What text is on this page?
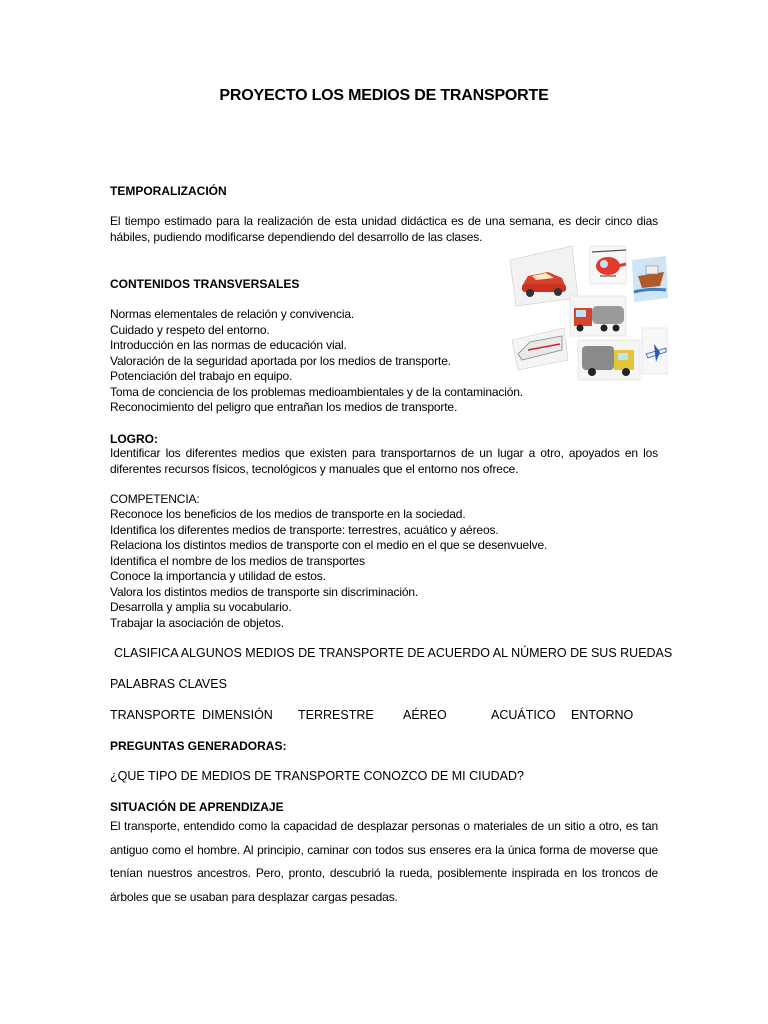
PROYECTO LOS MEDIOS DE TRANSPORTE
TEMPORALIZACIÓN
El tiempo estimado para la realización de esta unidad didáctica es de una semana, es decir cinco dias hábiles, pudiendo modificarse dependiendo del desarrollo de las clases.
CONTENIDOS TRANSVERSALES
Normas elementales de relación y convivencia.
Cuidado y respeto del entorno.
Introducción en las normas de educación vial.
Valoración de la seguridad aportada por los medios de transporte.
Potenciación del trabajo en equipo.
Toma de conciencia de los problemas medioambientales y de la contaminación.
Reconocimiento del peligro que entrañan los medios de transporte.
LOGRO:
Identificar los diferentes medios que existen para transportarnos de un lugar a otro, apoyados en los diferentes recursos físicos, tecnológicos y manuales que el entorno nos ofrece.
COMPETENCIA:
Reconoce los beneficios de los medios de transporte en la sociedad.
Identifica los diferentes medios de transporte: terrestres, acuático y aéreos.
Relaciona los distintos medios de transporte con el medio en el que se desenvuelve.
Identifica el nombre de los medios de transportes
Conoce la importancia y utilidad de estos.
Valora los distintos medios de transporte sin discriminación.
Desarrolla y amplia su vocabulario.
Trabajar la asociación de objetos.
CLASIFICA ALGUNOS MEDIOS DE TRANSPORTE DE ACUERDO AL NÚMERO DE SUS RUEDAS
PALABRAS CLAVES
TRANSPORTE DIMENSIÓN TERRESTRE AÉREO	ACUÁTICO ENTORNO
PREGUNTAS GENERADORAS:
¿QUE TIPO DE MEDIOS DE TRANSPORTE CONOZCO DE MI CIUDAD?
SITUACIÓN DE APRENDIZAJE
El transporte, entendido como la capacidad de desplazar personas o materiales de un sitio a otro, es tan antiguo como el hombre. Al principio, caminar con todos sus enseres era la única forma de moverse que tenían nuestros ancestros. Pero, pronto, descubrió la rueda, posiblemente inspirada en los troncos de árboles que se usaban para desplazar cargas pesadas.
